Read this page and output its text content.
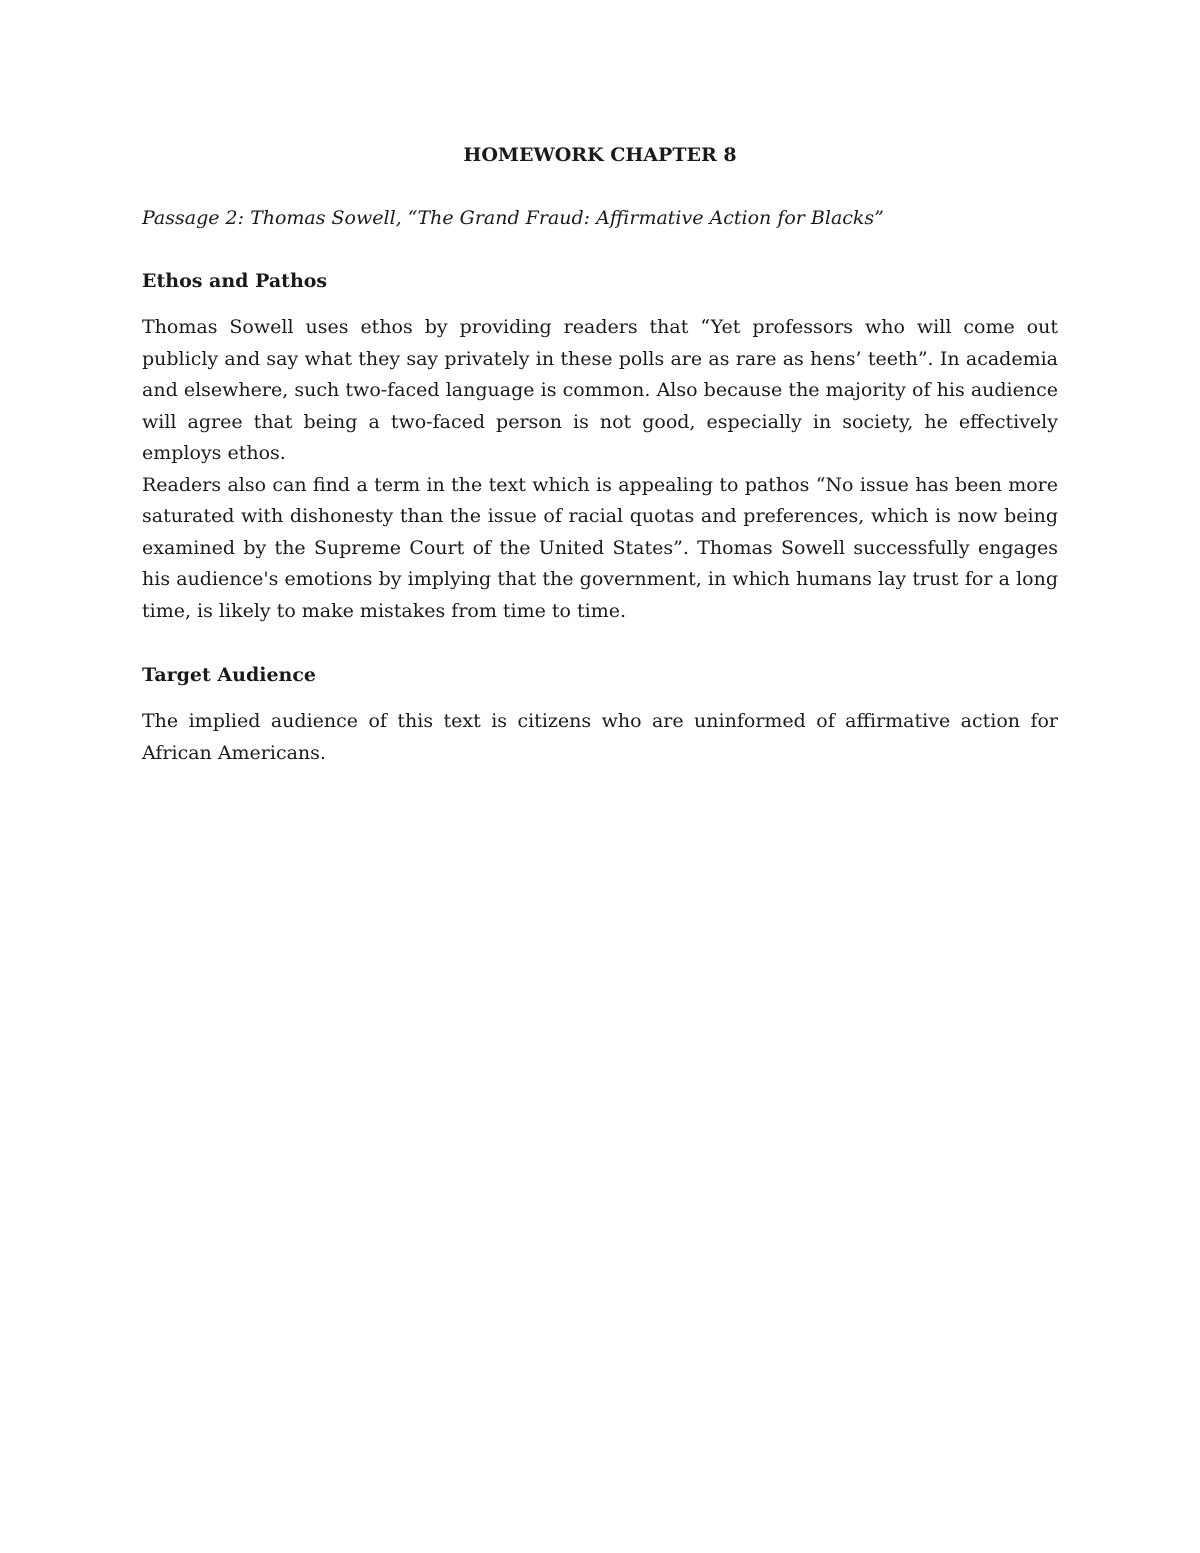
HOMEWORK CHAPTER 8

Passage 2: Thomas Sowell, “The Grand Fraud: Affirmative Action for Blacks”

Ethos and Pathos

Thomas Sowell uses ethos by providing readers that “Yet professors who will come out publicly and say what they say privately in these polls are as rare as hens’ teeth”. In academia and elsewhere, such two-faced language is common. Also because the majority of his audience will agree that being a two-faced person is not good, especially in society, he effectively employs ethos.

Readers also can find a term in the text which is appealing to pathos “No issue has been more saturated with dishonesty than the issue of racial quotas and preferences, which is now being examined by the Supreme Court of the United States”. Thomas Sowell successfully engages his audience's emotions by implying that the government, in which humans lay trust for a long time, is likely to make mistakes from time to time.

Target Audience

The implied audience of this text is citizens who are uninformed of affirmative action for African Americans.
